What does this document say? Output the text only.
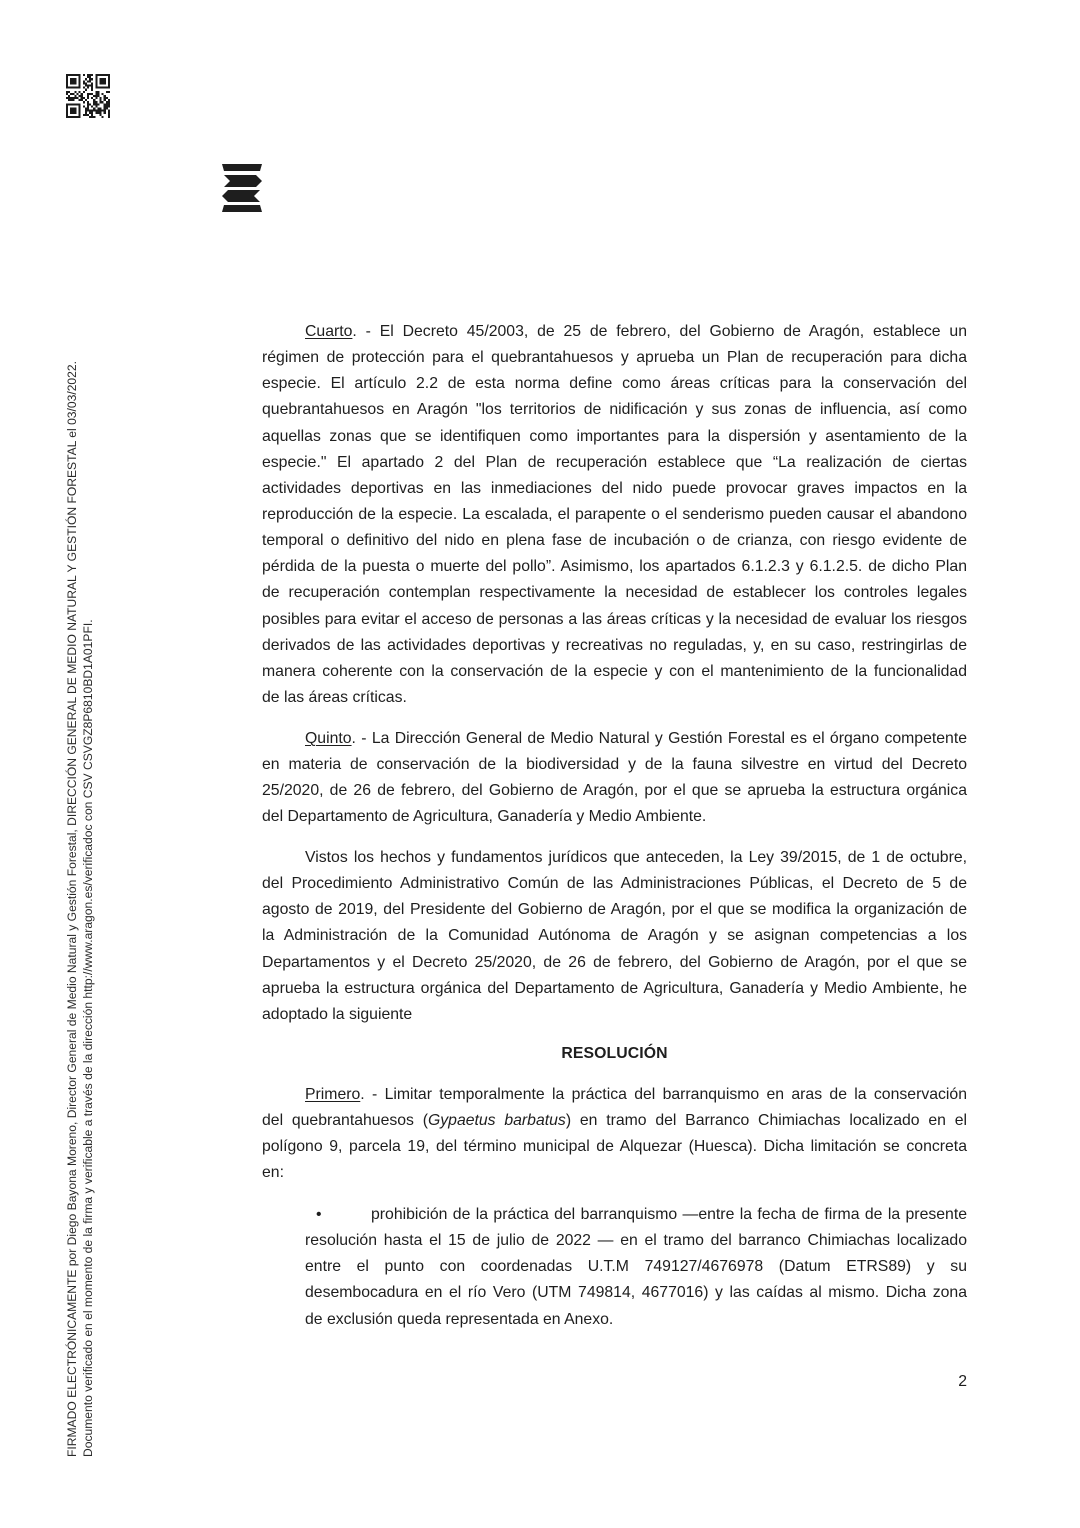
FIRMADO ELECTRÓNICAMENTE por Diego Bayona Moreno, Director General de Medio Natural y Gestión Forestal, DIRECCIÓN GENERAL DE MEDIO NATURAL Y GESTIÓN FORESTAL el 03/03/2022. Documento verificado en el momento de la firma y verificable a través de la dirección http://www.aragon.es/verificadoc con CSV CSVGZ8P6810BD1A01PFI.
Cuarto. - El Decreto 45/2003, de 25 de febrero, del Gobierno de Aragón, establece un
régimen de protección para el quebrantahuesos y aprueba un Plan de recuperación para dicha
especie. El artículo 2.2 de esta norma define como áreas críticas para la conservación del
quebrantahuesos en Aragón "los territorios de nidificación y sus zonas de influencia, así como
aquellas zonas que se identifiquen como importantes para la dispersión y asentamiento de la
especie." El apartado 2 del Plan de recuperación establece que “La realización de ciertas
actividades deportivas en las inmediaciones del nido puede provocar graves impactos en la
reproducción de la especie. La escalada, el parapente o el senderismo pueden causar el abandono
temporal o definitivo del nido en plena fase de incubación o de crianza, con riesgo evidente de
pérdida de la puesta o muerte del pollo”. Asimismo, los apartados 6.1.2.3 y 6.1.2.5. de dicho Plan
de recuperación contemplan respectivamente la necesidad de establecer los controles legales
posibles para evitar el acceso de personas a las áreas críticas y la necesidad de evaluar los riesgos
derivados de las actividades deportivas y recreativas no reguladas, y, en su caso, restringirlas de
manera coherente con la conservación de la especie y con el mantenimiento de la funcionalidad
de las áreas críticas.
Quinto. - La Dirección General de Medio Natural y Gestión Forestal es el órgano competente
en materia de conservación de la biodiversidad y de la fauna silvestre en virtud del Decreto
25/2020, de 26 de febrero, del Gobierno de Aragón, por el que se aprueba la estructura orgánica
del Departamento de Agricultura, Ganadería y Medio Ambiente.
Vistos los hechos y fundamentos jurídicos que anteceden, la Ley 39/2015, de 1 de octubre,
del Procedimiento Administrativo Común de las Administraciones Públicas, el Decreto de 5 de
agosto de 2019, del Presidente del Gobierno de Aragón, por el que se modifica la organización de
la Administración de la Comunidad Autónoma de Aragón y se asignan competencias a los
Departamentos y el Decreto 25/2020, de 26 de febrero, del Gobierno de Aragón, por el que se
aprueba la estructura orgánica del Departamento de Agricultura, Ganadería y Medio Ambiente, he
adoptado la siguiente
RESOLUCIÓN
Primero. - Limitar temporalmente la práctica del barranquismo en aras de la conservación
del quebrantahuesos (Gypaetus barbatus) en tramo del Barranco Chimiachas localizado en el
polígono 9, parcela 19, del término municipal de Alquezar (Huesca). Dicha limitación se concreta
en:
•	prohibición de la práctica del barranquismo —entre la fecha de firma de la presente
resolución hasta el 15 de julio de 2022 — en el tramo del barranco Chimiachas localizado
entre el punto con coordenadas U.T.M 749127/4676978 (Datum ETRS89) y su
desembocadura en el río Vero (UTM 749814, 4677016) y las caídas al mismo. Dicha zona
de exclusión queda representada en Anexo.
2
